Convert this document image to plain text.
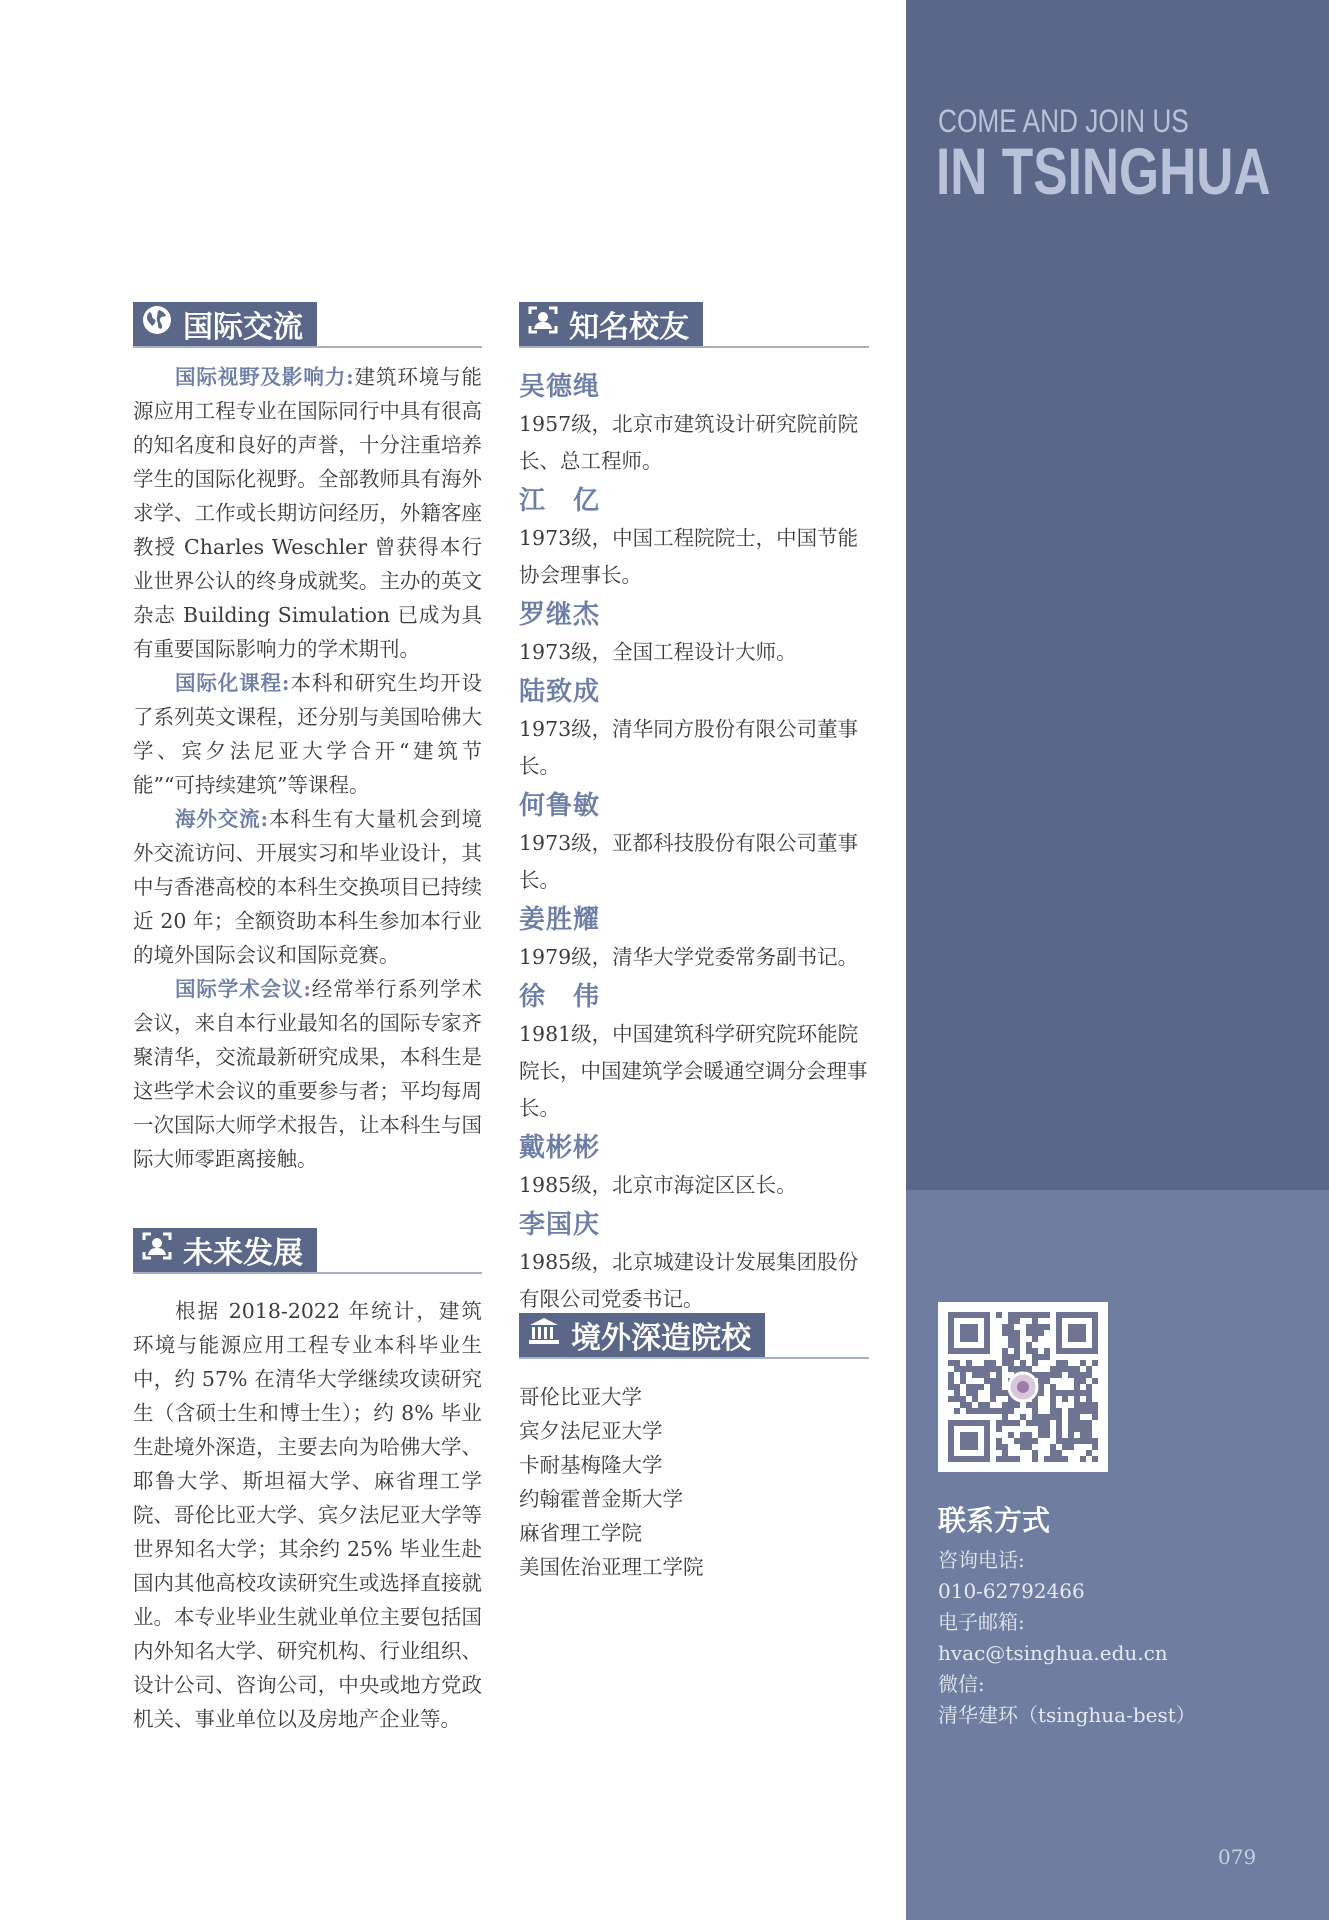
COME AND JOIN US
IN TSINGHUA
国际交流

国际视野及影响力:建筑环境与能源应用工程专业在国际同行中具有很高的知名度和良好的声誉，十分注重培养学生的国际化视野。全部教师具有海外求学、工作或长期访问经历，外籍客座教授 Charles Weschler 曾获得本行业世界公认的终身成就奖。主办的英文杂志 Building Simulation 已成为具有重要国际影响力的学术期刊。

国际化课程:本科和研究生均开设了系列英文课程，还分别与美国哈佛大学、宾夕法尼亚大学合开“建筑节能”“可持续建筑”等课程。

海外交流:本科生有大量机会到境外交流访问、开展实习和毕业设计，其中与香港高校的本科生交换项目已持续近 20 年；全额资助本科生参加本行业的境外国际会议和国际竞赛。

国际学术会议:经常举行系列学术会议，来自本行业最知名的国际专家齐聚清华，交流最新研究成果，本科生是这些学术会议的重要参与者；平均每周一次国际大师学术报告，让本科生与国际大师零距离接触。

未来发展

根据 2018-2022 年统计，建筑环境与能源应用工程专业本科毕业生中，约 57% 在清华大学继续攻读研究生（含硕士生和博士生）；约 8% 毕业生赴境外深造，主要去向为哈佛大学、耶鲁大学、斯坦福大学、麻省理工学院、哥伦比亚大学、宾夕法尼亚大学等世界知名大学；其余约 25% 毕业生赴国内其他高校攻读研究生或选择直接就业。本专业毕业生就业单位主要包括国内外知名大学、研究机构、行业组织、设计公司、咨询公司，中央或地方党政机关、事业单位以及房地产企业等。

知名校友
吴德绳
1957级，北京市建筑设计研究院前院长、总工程师。
江　亿
1973级，中国工程院院士，中国节能协会理事长。
罗继杰
1973级，全国工程设计大师。
陆致成
1973级，清华同方股份有限公司董事长。
何鲁敏
1973级，亚都科技股份有限公司董事长。
姜胜耀
1979级，清华大学党委常务副书记。
徐　伟
1981级，中国建筑科学研究院环能院院长，中国建筑学会暖通空调分会理事长。
戴彬彬
1985级，北京市海淀区区长。
李国庆
1985级，北京城建设计发展集团股份有限公司党委书记。
境外深造院校
哥伦比亚大学
宾夕法尼亚大学
卡耐基梅隆大学
约翰霍普金斯大学
麻省理工学院
美国佐治亚理工学院
联系方式
咨询电话:
010-62792466
电子邮箱:
hvac@tsinghua.edu.cn
微信:
清华建环（tsinghua-best）
079
